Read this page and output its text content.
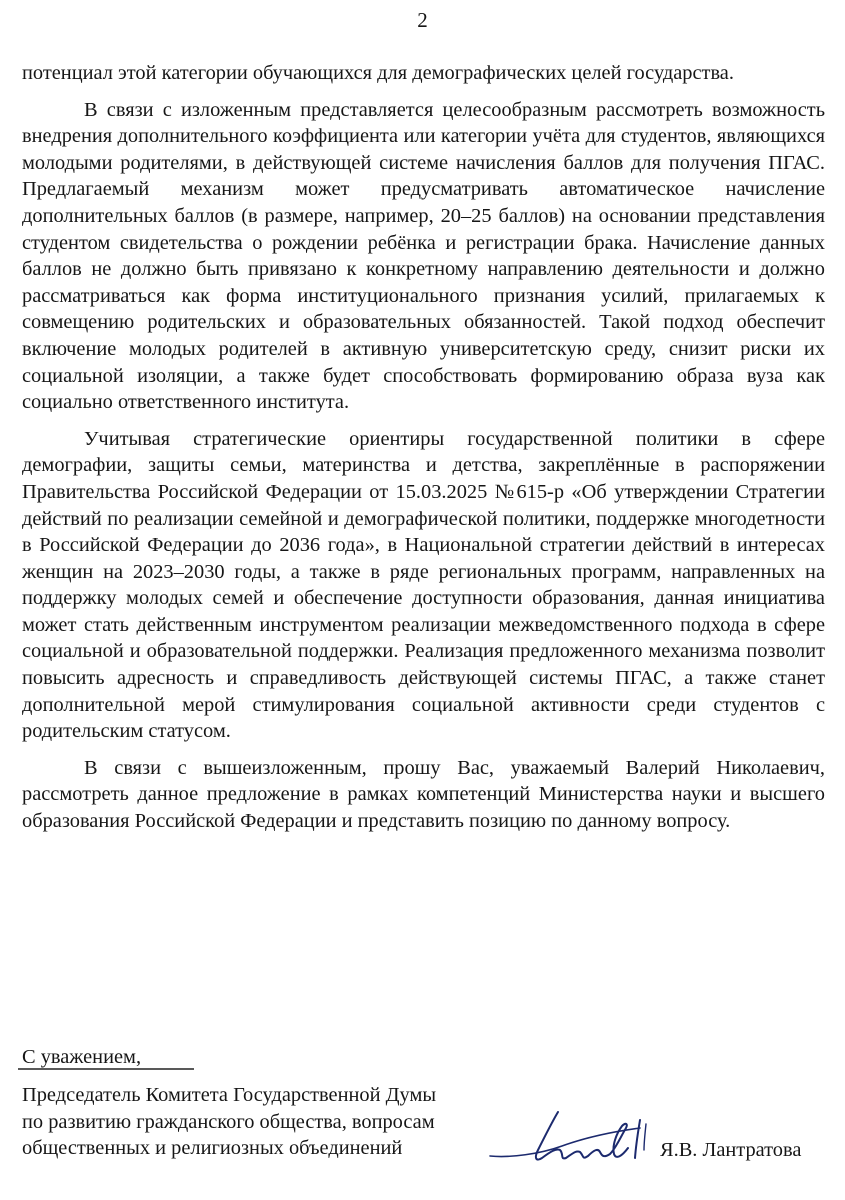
2

потенциал этой категории обучающихся для демографических целей государства.

В связи с изложенным представляется целесообразным рассмотреть возможность внедрения дополнительного коэффициента или категории учёта для студентов, являющихся молодыми родителями, в действующей системе начисления баллов для получения ПГАС. Предлагаемый механизм может предусматривать автоматическое начисление дополнительных баллов (в размере, например, 20–25 баллов) на основании представления студентом свидетельства о рождении ребёнка и регистрации брака. Начисление данных баллов не должно быть привязано к конкретному направлению деятельности и должно рассматриваться как форма институционального признания усилий, прилагаемых к совмещению родительских и образовательных обязанностей. Такой подход обеспечит включение молодых родителей в активную университетскую среду, снизит риски их социальной изоляции, а также будет способствовать формированию образа вуза как социально ответственного института.

Учитывая стратегические ориентиры государственной политики в сфере демографии, защиты семьи, материнства и детства, закреплённые в распоряжении Правительства Российской Федерации от 15.03.2025 №615-р «Об утверждении Стратегии действий по реализации семейной и демографической политики, поддержке многодетности в Российской Федерации до 2036 года», в Национальной стратегии действий в интересах женщин на 2023–2030 годы, а также в ряде региональных программ, направленных на поддержку молодых семей и обеспечение доступности образования, данная инициатива может стать действенным инструментом реализации межведомственного подхода в сфере социальной и образовательной поддержки. Реализация предложенного механизма позволит повысить адресность и справедливость действующей системы ПГАС, а также станет дополнительной мерой стимулирования социальной активности среди студентов с родительским статусом.

В связи с вышеизложенным, прошу Вас, уважаемый Валерий Николаевич, рассмотреть данное предложение в рамках компетенций Министерства науки и высшего образования Российской Федерации и представить позицию по данному вопросу.

С уважением,
Председатель Комитета Государственной Думы
по развитию гражданского общества, вопросам
общественных и религиозных объединений	Я.В. Лантратова
